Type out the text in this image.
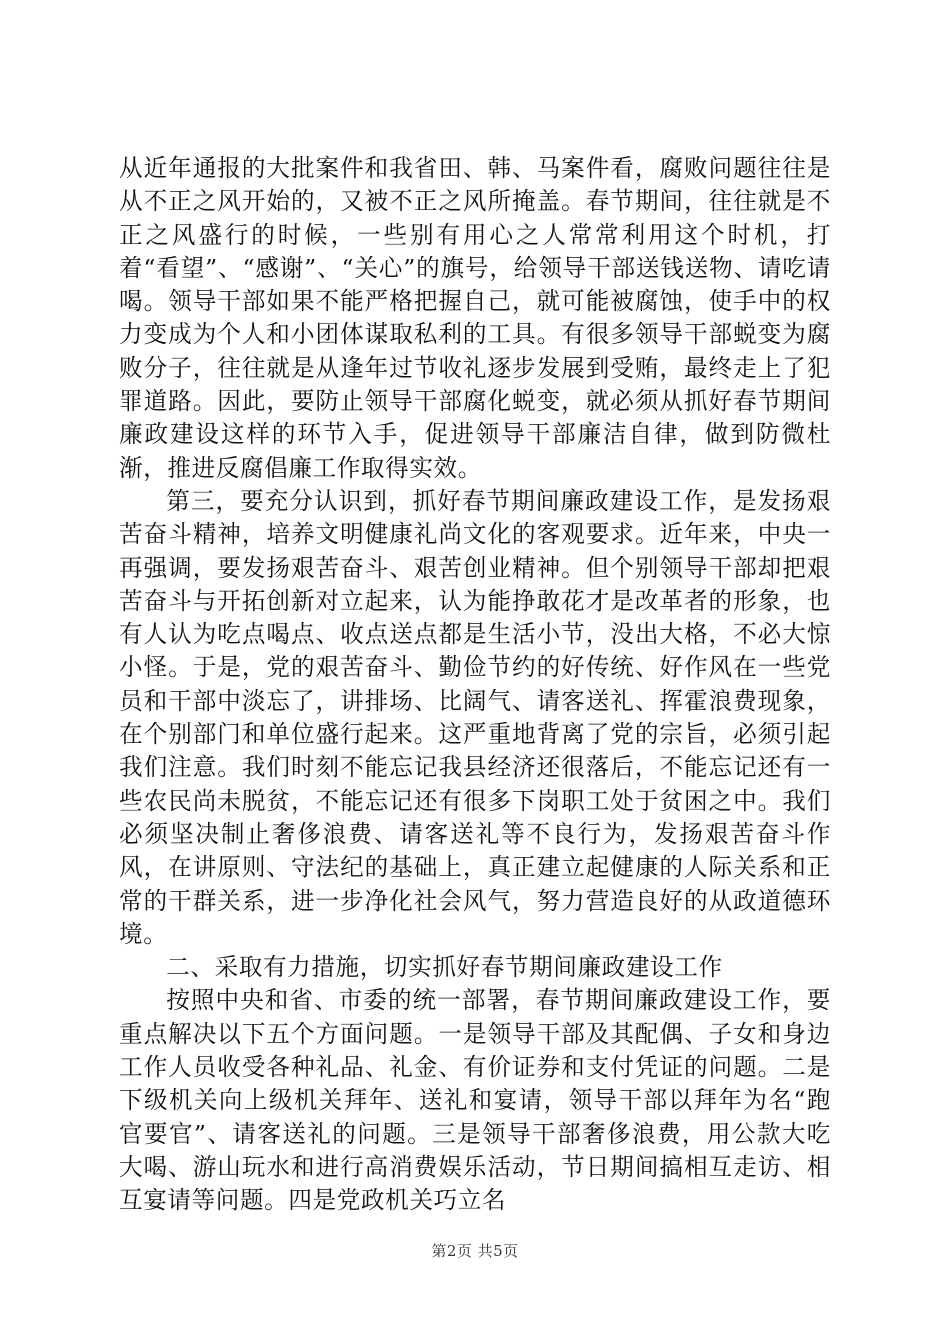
从近年通报的大批案件和我省田、韩、马案件看，腐败问题往往是从不正之风开始的，又被不正之风所掩盖。春节期间，往往就是不正之风盛行的时候，一些别有用心之人常常利用这个时机，打着“看望”、“感谢”、“关心”的旗号，给领导干部送钱送物、请吃请喝。领导干部如果不能严格把握自己，就可能被腐蚀，使手中的权力变成为个人和小团体谋取私利的工具。有很多领导干部蜕变为腐败分子，往往就是从逢年过节收礼逐步发展到受贿，最终走上了犯罪道路。因此，要防止领导干部腐化蜕变，就必须从抓好春节期间廉政建设这样的环节入手，促进领导干部廉洁自律，做到防微杜渐，推进反腐倡廉工作取得实效。

第三，要充分认识到，抓好春节期间廉政建设工作，是发扬艰苦奋斗精神，培养文明健康礼尚文化的客观要求。近年来，中央一再强调，要发扬艰苦奋斗、艰苦创业精神。但个别领导干部却把艰苦奋斗与开拓创新对立起来，认为能挣敢花才是改革者的形象，也有人认为吃点喝点、收点送点都是生活小节，没出大格，不必大惊小怪。于是，党的艰苦奋斗、勤俭节约的好传统、好作风在一些党员和干部中淡忘了，讲排场、比阔气、请客送礼、挥霍浪费现象，在个别部门和单位盛行起来。这严重地背离了党的宗旨，必须引起我们注意。我们时刻不能忘记我县经济还很落后，不能忘记还有一些农民尚未脱贫，不能忘记还有很多下岗职工处于贫困之中。我们必须坚决制止奢侈浪费、请客送礼等不良行为，发扬艰苦奋斗作风，在讲原则、守法纪的基础上，真正建立起健康的人际关系和正常的干群关系，进一步净化社会风气，努力营造良好的从政道德环境。

二、采取有力措施，切实抓好春节期间廉政建设工作

按照中央和省、市委的统一部署，春节期间廉政建设工作，要重点解决以下五个方面问题。一是领导干部及其配偶、子女和身边工作人员收受各种礼品、礼金、有价证券和支付凭证的问题。二是下级机关向上级机关拜年、送礼和宴请，领导干部以拜年为名“跑官要官”、请客送礼的问题。三是领导干部奢侈浪费，用公款大吃大喝、游山玩水和进行高消费娱乐活动，节日期间搞相互走访、相互宴请等问题。四是党政机关巧立名

第2页 共5页
